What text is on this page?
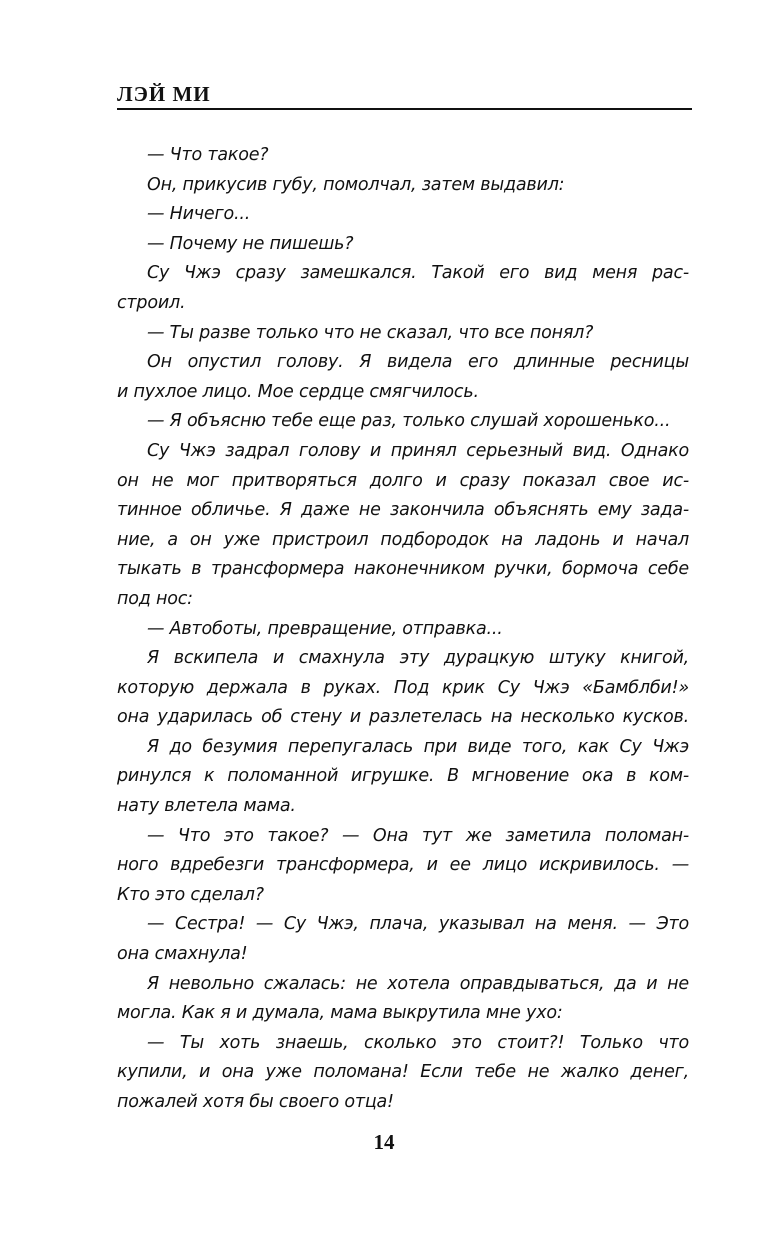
ЛЭЙ МИ
— Что такое?
Он, прикусив губу, помолчал, затем выдавил:
— Ничего...
— Почему не пишешь?
Су Чжэ сразу замешкался. Такой его вид меня рас-
строил.
— Ты разве только что не сказал, что все понял?
Он опустил голову. Я видела его длинные ресницы
и пухлое лицо. Мое сердце смягчилось.
— Я объясню тебе еще раз, только слушай хорошенько...
Су Чжэ задрал голову и принял серьезный вид. Однако
он не мог притворяться долго и сразу показал свое ис-
тинное обличье. Я даже не закончила объяснять ему зада-
ние, а он уже пристроил подбородок на ладонь и начал
тыкать в трансформера наконечником ручки, бормоча себе
под нос:
— Автоботы, превращение, отправка...
Я вскипела и смахнула эту дурацкую штуку книгой,
которую держала в руках. Под крик Су Чжэ «Бамблби!»
она ударилась об стену и разлетелась на несколько кусков.
Я до безумия перепугалась при виде того, как Су Чжэ
ринулся к поломанной игрушке. В мгновение ока в ком-
нату влетела мама.
— Что это такое? — Она тут же заметила поломан-
ного вдребезги трансформера, и ее лицо искривилось. —
Кто это сделал?
— Сестра! — Су Чжэ, плача, указывал на меня. — Это
она смахнула!
Я невольно сжалась: не хотела оправдываться, да и не
могла. Как я и думала, мама выкрутила мне ухо:
— Ты хоть знаешь, сколько это стоит?! Только что
купили, и она уже поломана! Если тебе не жалко денег,
пожалей хотя бы своего отца!
14
